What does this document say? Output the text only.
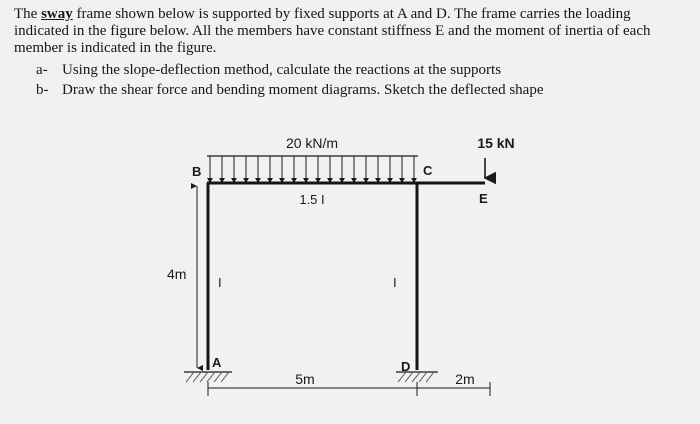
The sway frame shown below is supported by fixed supports at A and D. The frame carries the loading indicated in the figure below. All the members have constant stiffness E and the moment of inertia of each member is indicated in the figure.

a- Using the slope-deflection method, calculate the reactions at the supports
b- Draw the shear force and bending moment diagrams. Sketch the deflected shape
20 kN/m	15 kN
1.5 I
I	I
4m
5m	2m
A
B	C
D
E
